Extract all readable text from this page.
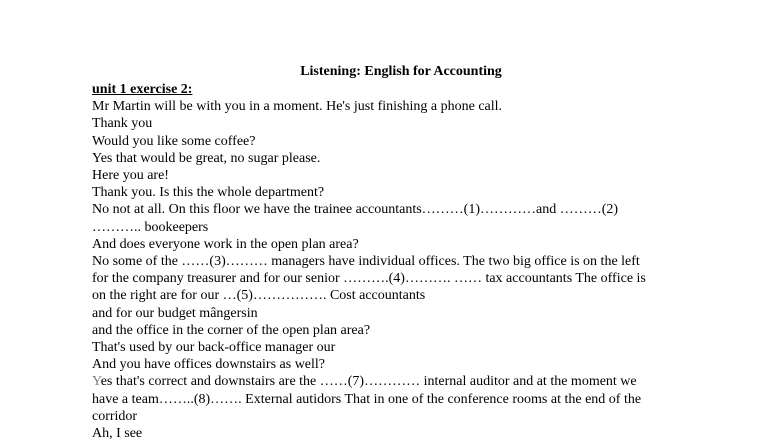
Listening: English for Accounting
unit 1 exercise 2:
Mr Martin will be with you in a moment. He's just finishing a phone call.
Thank you
Would you like some coffee?
Yes that would be great, no sugar please.
Here you are!
Thank you. Is this the whole department?
No not at all. On this floor we have the trainee accountants………(1)…………and ………(2)
……….. bookeepers
And does everyone work in the open plan area?
No some of the ……(3)……… managers have individual offices. The two big office is on the left
for the company treasurer and for our senior ……….(4)………. …… tax accountants The office is
on the right are for our …(5)……………. Cost accountants
and for our budget mângersin
and the office in the corner of the open plan area?
That's used by our back-office manager our
And you have offices downstairs as well?
Yes that's correct and downstairs are the ……(7)………… internal auditor and at the moment we
have a team……..(8)……. External autidors That in one of the conference rooms at the end of the
corridor
Ah, I see
